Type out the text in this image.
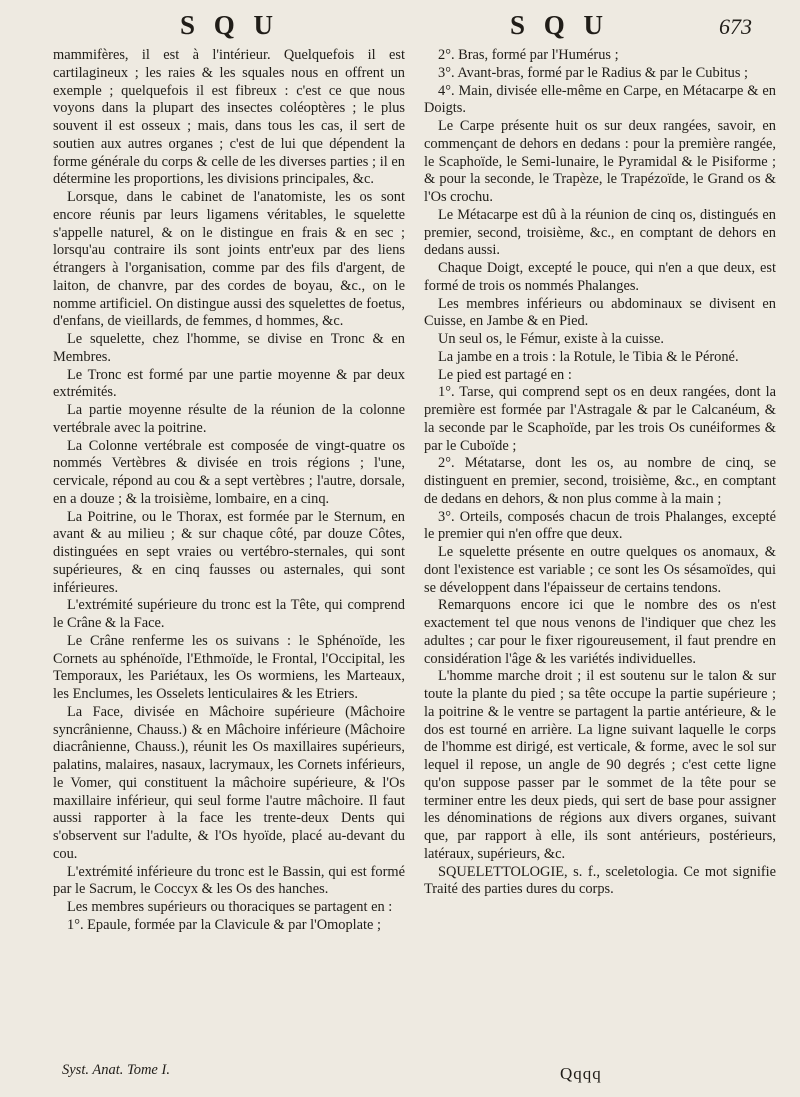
S Q U	S Q U	673

mammifères, il est à l'intérieur. Quelquefois il est cartilagineux ; les raies & les squales nous en offrent un exemple ; quelquefois il est fibreux : c'est ce que nous voyons dans la plupart des insectes coléoptères ; le plus souvent il est osseux ; mais, dans tous les cas, il sert de soutien aux autres organes ; c'est de lui que dépendent la forme générale du corps & celle de les diverses parties ; il en détermine les proportions, les divisions principales, &c.

Lorsque, dans le cabinet de l'anatomiste, les os sont encore réunis par leurs ligamens véritables, le squelette s'appelle naturel, & on le distingue en frais & en sec ; lorsqu'au contraire ils sont joints entr'eux par des liens étrangers à l'organisation, comme par des fils d'argent, de laiton, de chanvre, par des cordes de boyau, &c., on le nomme artificiel. On distingue aussi des squelettes de foetus, d'enfans, de vieillards, de femmes, d hommes, &c.

Le squelette, chez l'homme, se divise en Tronc & en Membres.

Le Tronc est formé par une partie moyenne & par deux extrémités.

La partie moyenne résulte de la réunion de la colonne vertébrale avec la poitrine.

La Colonne vertébrale est composée de vingt-quatre os nommés Vertèbres & divisée en trois régions ; l'une, cervicale, répond au cou & a sept vertèbres ; l'autre, dorsale, en a douze ; & la troisième, lombaire, en a cinq.

La Poitrine, ou le Thorax, est formée par le Sternum, en avant & au milieu ; & sur chaque côté, par douze Côtes, distinguées en sept vraies ou vertébro-sternales, qui sont supérieures, & en cinq fausses ou asternales, qui sont inférieures.

L'extrémité supérieure du tronc est la Tête, qui comprend le Crâne & la Face.

Le Crâne renferme les os suivans : le Sphénoïde, les Cornets au sphénoïde, l'Ethmoïde, le Frontal, l'Occipital, les Temporaux, les Pariétaux, les Os wormiens, les Marteaux, les Enclumes, les Osselets lenticulaires & les Etriers.

La Face, divisée en Mâchoire supérieure (Mâchoire syncrânienne, Chauss.) & en Mâchoire inférieure (Mâchoire diacrânienne, Chauss.), réunit les Os maxillaires supérieurs, palatins, malaires, nasaux, lacrymaux, les Cornets inférieurs, le Vomer, qui constituent la mâchoire supérieure, & l'Os maxillaire inférieur, qui seul forme l'autre mâchoire. Il faut aussi rapporter à la face les trente-deux Dents qui s'observent sur l'adulte, & l'Os hyoïde, placé au-devant du cou.

L'extrémité inférieure du tronc est le Bassin, qui est formé par le Sacrum, le Coccyx & les Os des hanches.

Les membres supérieurs ou thoraciques se partagent en :

1°. Epaule, formée par la Clavicule & par l'Omoplate ;

2°. Bras, formé par l'Humérus ;

3°. Avant-bras, formé par le Radius & par le Cubitus ;

4°. Main, divisée elle-même en Carpe, en Métacarpe & en Doigts.

Le Carpe présente huit os sur deux rangées, savoir, en commençant de dehors en dedans : pour la première rangée, le Scaphoïde, le Semi-lunaire, le Pyramidal & le Pisiforme ; & pour la seconde, le Trapèze, le Trapézoïde, le Grand os & l'Os crochu.

Le Métacarpe est dû à la réunion de cinq os, distingués en premier, second, troisième, &c., en comptant de dehors en dedans aussi.

Chaque Doigt, excepté le pouce, qui n'en a que deux, est formé de trois os nommés Phalanges.

Les membres inférieurs ou abdominaux se divisent en Cuisse, en Jambe & en Pied.

Un seul os, le Fémur, existe à la cuisse.

La jambe en a trois : la Rotule, le Tibia & le Péroné.

Le pied est partagé en :

1°. Tarse, qui comprend sept os en deux rangées, dont la première est formée par l'Astragale & par le Calcanéum, & la seconde par le Scaphoïde, par les trois Os cunéiformes & par le Cuboïde ;

2°. Métatarse, dont les os, au nombre de cinq, se distinguent en premier, second, troisième, &c., en comptant de dedans en dehors, & non plus comme à la main ;

3°. Orteils, composés chacun de trois Phalanges, excepté le premier qui n'en offre que deux.

Le squelette présente en outre quelques os anomaux, & dont l'existence est variable ; ce sont les Os sésamoïdes, qui se développent dans l'épaisseur de certains tendons.

Remarquons encore ici que le nombre des os n'est exactement tel que nous venons de l'indiquer que chez les adultes ; car pour le fixer rigoureusement, il faut prendre en considération l'âge & les variétés individuelles.

L'homme marche droit ; il est soutenu sur le talon & sur toute la plante du pied ; sa tête occupe la partie supérieure ; la poitrine & le ventre se partagent la partie antérieure, & le dos est tourné en arrière. La ligne suivant laquelle le corps de l'homme est dirigé, est verticale, & forme, avec le sol sur lequel il repose, un angle de 90 degrés ; c'est cette ligne qu'on suppose passer par le sommet de la tête pour se terminer entre les deux pieds, qui sert de base pour assigner les dénominations de régions aux divers organes, suivant que, par rapport à elle, ils sont antérieurs, postérieurs, latéraux, supérieurs, &c.

SQUELETTOLOGIE, s. f., sceletologia. Ce mot signifie Traité des parties dures du corps.

Syst. Anat. Tome I.	Qqqq
